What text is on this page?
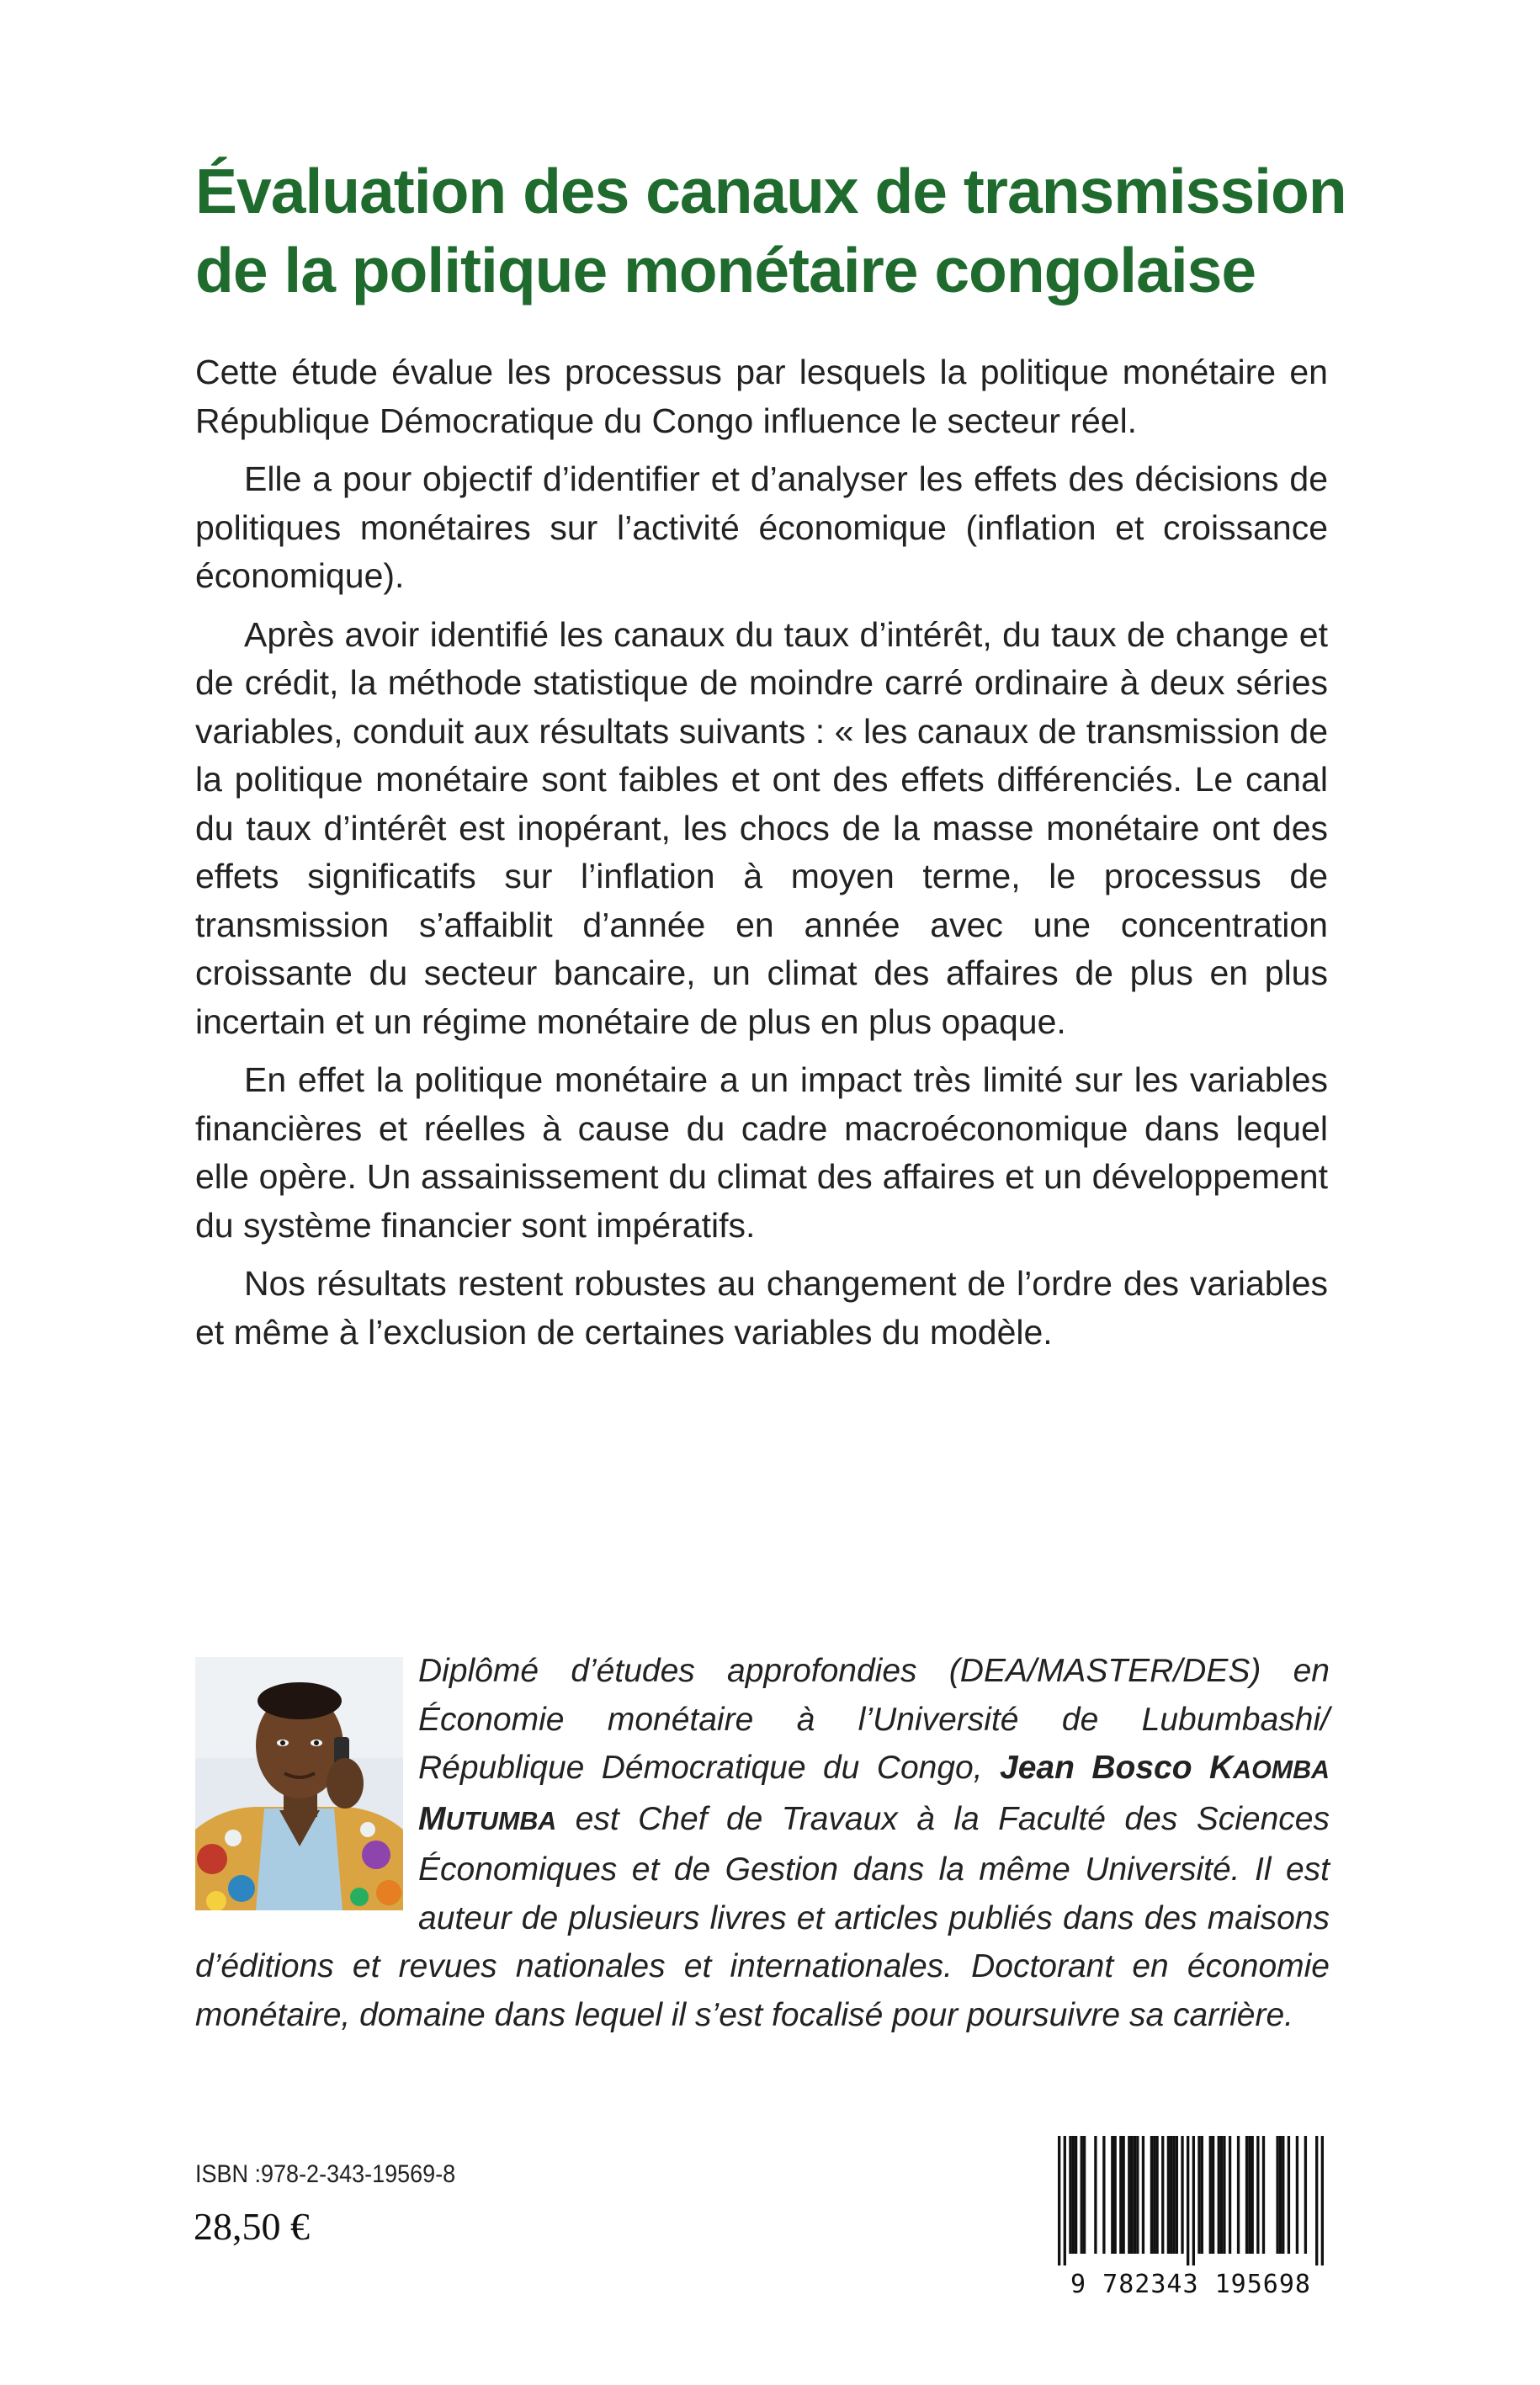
Évaluation des canaux de transmission
de la politique monétaire congolaise

Cette étude évalue les processus par lesquels la politique monétaire en République Démocratique du Congo influence le secteur réel.

Elle a pour objectif d’identifier et d’analyser les effets des décisions de politiques monétaires sur l’activité économique (inflation et croissance économique).

Après avoir identifié les canaux du taux d’intérêt, du taux de change et de crédit, la méthode statistique de moindre carré ordinaire à deux séries variables, conduit aux résultats suivants : « les canaux de transmission de la politique monétaire sont faibles et ont des effets différenciés. Le canal du taux d’intérêt est inopérant, les chocs de la masse monétaire ont des effets significatifs sur l’inflation à moyen terme, le processus de transmission s’affaiblit d’année en année avec une concentration croissante du secteur bancaire, un climat des affaires de plus en plus incertain et un régime monétaire de plus en plus opaque.

En effet la politique monétaire a un impact très limité sur les variables financières et réelles à cause du cadre macroéconomique dans lequel elle opère. Un assainissement du climat des affaires et un développement du système financier sont impératifs.

Nos résultats restent robustes au changement de l’ordre des variables et même à l’exclusion de certaines variables du modèle.

Diplômé d’études approfondies (DEA/MASTER/DES) en Économie monétaire à l’Université de Lubumbashi/ République Démocratique du Congo, Jean Bosco KAOMBA MUTUMBA est Chef de Travaux à la Faculté des Sciences Économiques et de Gestion dans la même Université. Il est auteur de plusieurs livres et articles publiés dans des maisons d’éditions et revues nationales et internationales. Doctorant en économie monétaire, domaine dans lequel il s’est focalisé pour poursuivre sa carrière.
ISBN :978-2-343-19569-8
28,50 €
9 782343 195698
